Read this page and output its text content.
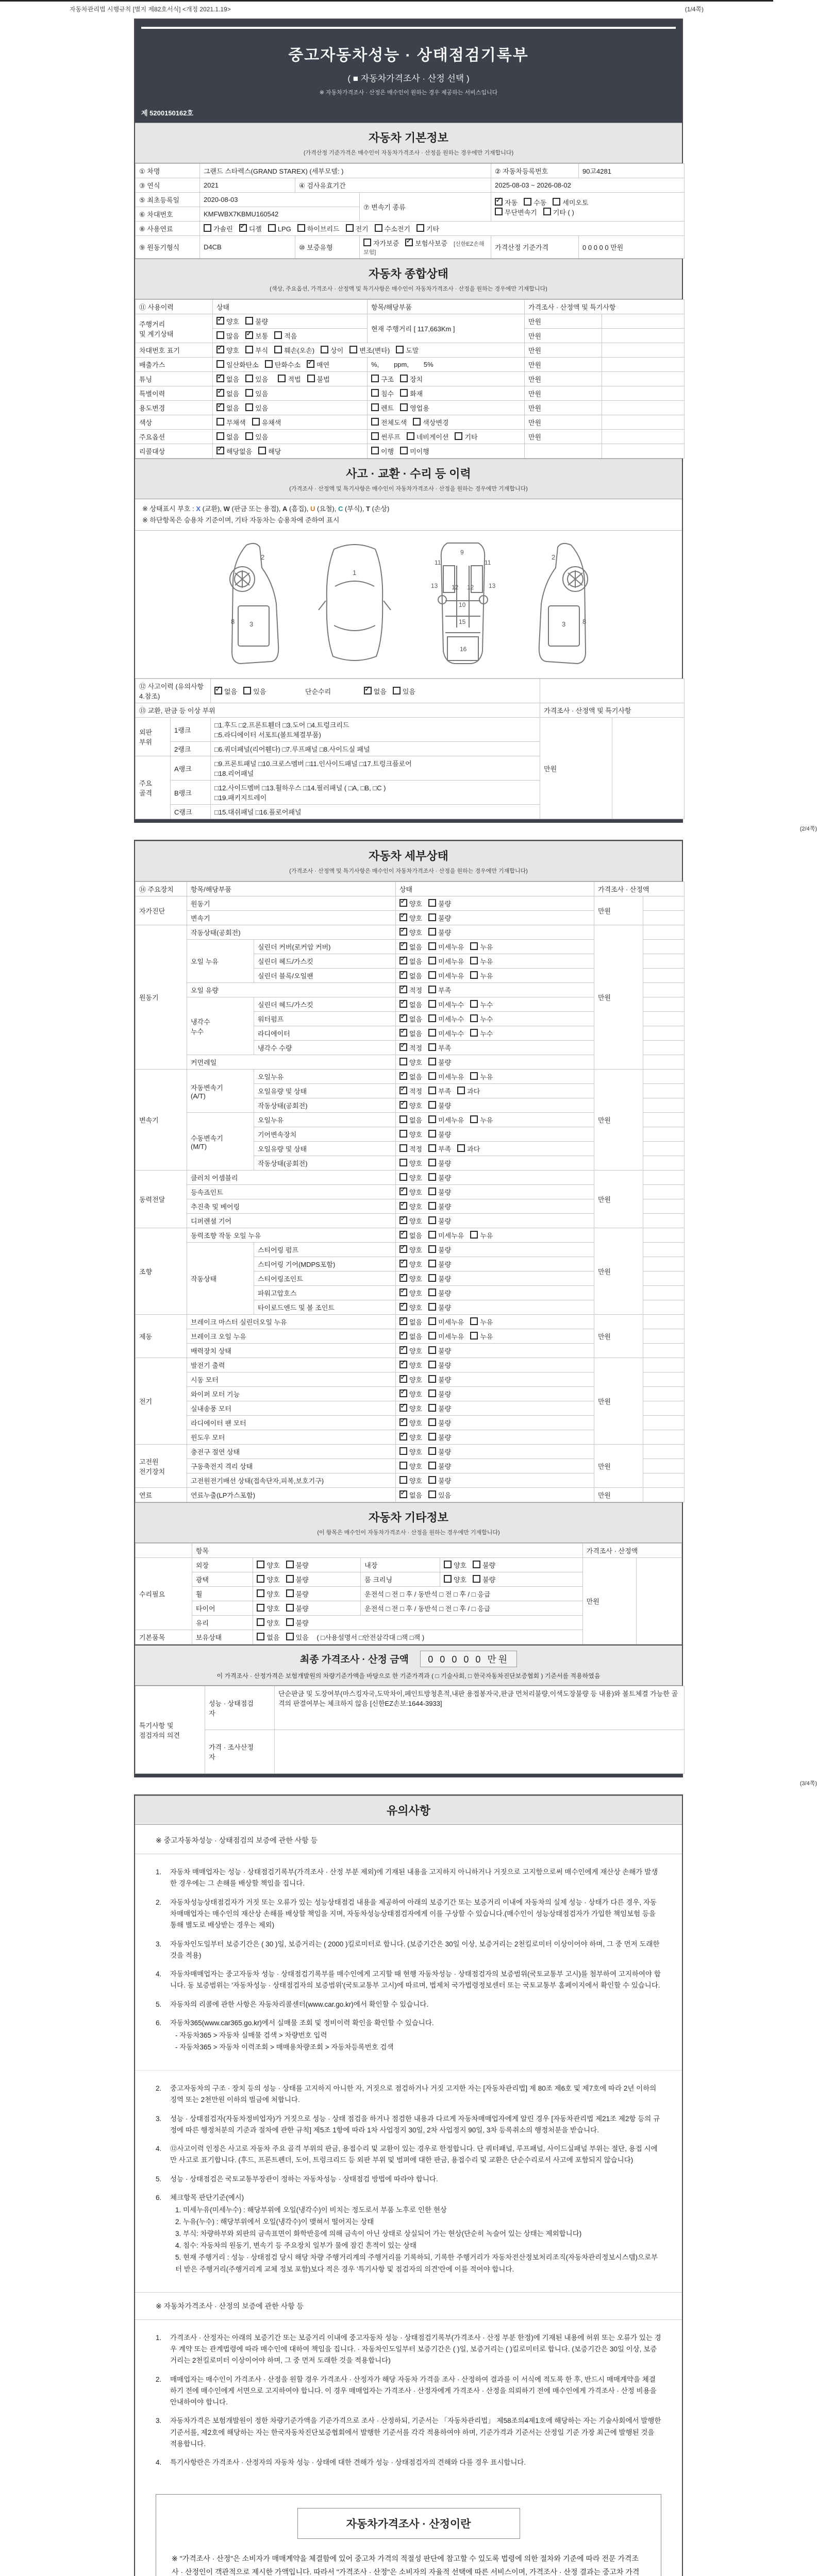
자동차관리법 시행규칙 [별지 제82호서식] <개정 2021.1.19>	(1/4쪽)
중고자동차성능 · 상태점검기록부
( ■ 자동차가격조사 · 산정 선택 )
※ 자동차가격조사 · 산정은 매수인이 원하는 경우 제공하는 서비스입니다
제 5200150162호
자동차 기본정보
(가격산정 기준가격은 매수인이 자동차가격조사 · 산정을 원하는 경우에만 기재합니다)
① 차명	그랜드 스타렉스(GRAND STAREX) (세부모델: )			② 자동차등록번호	90고4281
③ 연식	2021	④ 검사유효기간		2025-08-03 ~ 2026-08-02	
⑤ 최초등록일	2020-08-03		⑦ 변속기 종류	✓자동 수동 세미오토
무단변속기 기타 ( )
⑥ 차대번호	KMFWBX7KBMU160542				
⑧ 사용연료	가솔린 ✓ 디젤 LPG 하이브리드 전기 수소전기 기타
⑨ 원동기형식	D4CB	⑩ 보증유형	자가보증 ✓ 보험사보증 [신한EZ손해보험]	가격산정 기준가격	0 0 0 0 0 만원
자동차 종합상태
(색상, 주요옵션, 가격조사 · 산정액 및 특기사항은 매수인이 자동차가격조사 · 산정을 원하는 경우에만 기재합니다)
⑪ 사용이력	상태	항목/해당부품	가격조사 · 산정액 및 특기사항	
주행거리
및 계기상태	✓양호 불량	현재 주행거리 [ 117,663Km ]	만원	
	많음 ✓ 보통 적음		만원	
차대번호 표기	✓양호 부식 훼손(오손) 상이 변조(변타) 도말		만원	
배출가스	일산화탄소 탄화수소 ✓ 매연	%,        ppm,        5%	만원	
튜닝	✓없음 있음 적법 불법	구조 장치	만원	
특별이력	✓없음 있음	침수 화재	만원	
용도변경	✓없음 있음	렌트 영업용	만원	
색상	무채색 유채색	전체도색 색상변경	만원	
주요옵션	없음 있음	썬루프 네비게이션 기타	만원	
리콜대상	✓해당없음 해당	이행 미이행		
사고 · 교환 · 수리 등 이력
(가격조사 · 산정액 및 특기사항은 매수인이 자동차가격조사 · 산정을 원하는 경우에만 기재합니다)
※ 상태표시 부호 : X (교환), W (판금 또는 용접), A (흠집), U (요철), C (부식), T (손상)
※ 하단항목은 승용차 기준이며, 기타 자동차는 승용차에 준하여 표시
2
8 3
1
11	11
13	13
12 12
9
10
15
16
2
8
3
⑫ 사고이력 (유의사항 4.참조)	✓없음 있음 단순수리 ✓ 없음 있음	
⑬ 교환, 판금 등 이상 부위			가격조사 · 산정액 및 특기사항	
외판
부위	1랭크	□1.후드 □2.프론트휀더 □3.도어 □4.트렁크리드
□5.라디에이터 서포트(볼트체결부품)	만원	
	2랭크	□6.쿼더패널(리어휀다) □7.루프패널 □8.사이드실 패널		
주요
골격	A랭크	□9.프론트패널 □10.크로스멤버 □11.인사이드패널 □17.트렁크플로어
□18.리어패널		
	B랭크	□12.사이드멤버 □13.휠하우스 □14.필러패널 ( □A, □B, □C )
□19.패키지트레이		
	C랭크	□15.대쉬패널 □16.플로어패널		
(2/4쪽)
자동차 세부상태
(가격조사 · 산정액 및 특기사항은 매수인이 자동차가격조사 · 산정을 원하는 경우에만 기재합니다)
⑭ 주요장치	항목/해당부품		상태	가격조사 · 산정액	
자가진단	원동기	✓양호 불량	만원	
	변속기	✓양호 불량	
원동기	작동상태(공회전)	✓양호 불량	만원	
	오일 누유	실린더 커버(로커암 커버)	✓없음 미세누유 누유	
		실린더 헤드/가스킷	✓없음 미세누유 누유	
		실린더 블록/오일팬	✓없음 미세누유 누유	
	오일 유량	✓적정 부족	
	냉각수
누수	실린더 헤드/가스킷	✓없음 미세누수 누수	
		워터펌프	✓없음 미세누수 누수	
		라디에이터	✓없음 미세누수 누수	
		냉각수 수량	✓적정 부족	
	커먼레일		양호 불량		
변속기	자동변속기
(A/T)	오일누유	✓없음 미세누유 누유	만원	
		오일유량 및 상태	✓적정 부족 과다	
		작동상태(공회전)	✓양호 불량	
	수동변속기
(M/T)	오일누유	없음 미세누유 누유		
		기어변속장치	양호 불량		
		오일유량 및 상태	적정 부족 과다		
		작동상태(공회전)	양호 불량		
동력전달	클러치 어셈블리		양호 불량	만원	
	등속죠인트	✓양호 불량	
	추진축 및 베어링	✓양호 불량	
	디퍼렌셜 기어	✓양호 불량	
조향	동력조향 작동 오일 누유	✓없음 미세누유 누유	만원	
	작동상태	스티어링 펌프	✓양호 불량	
		스티어링 기어(MDPS포함)	✓양호 불량	
		스티어링조인트	✓양호 불량	
		파워고압호스	✓양호 불량	
		타이로드엔드 및 볼 조인트	✓양호 불량	
제동	브레이크 마스터 실린더오일 누유	✓없음 미세누유 누유	만원	
	브레이크 오일 누유	✓없음 미세누유 누유	
	배력장치 상태	✓양호 불량	
전기	발전기 출력	✓양호 불량	만원	
	시동 모터	✓양호 불량	
	와이퍼 모터 기능	✓양호 불량	
	실내송풍 모터	✓양호 불량	
	라디에이터 팬 모터	✓양호 불량	
	윈도우 모터	✓양호 불량	
고전원
전기장치	충전구 절연 상태		양호 불량	만원	
	구동축전지 격리 상태		양호 불량		
	고전원전기배선 상태(접속단자,피복,보호기구)		양호 불량		
연료	연료누출(LP가스포함)	✓없음 있음	만원	
자동차 기타정보
(이 항목은 매수인이 자동차가격조사 · 산정을 원하는 경우에만 기재합니다)
	항목				가격조사 · 산정액	
수리필요	외장	양호 불량	내장	양호 불량	만원	
	광택	양호 불량	룸 크리닝	양호 불량		
	휠	양호 불량	운전석 □ 전 □ 후 / 동반석 □ 전 □ 후 / □ 응급			
	타이어	양호 불량	운전석 □ 전 □ 후 / 동반석 □ 전 □ 후 / □ 응급			
	유리	양호 불량				
기본품목	보유상태	없음 있음 ( □사용설명서 □안전삼각대 □잭 □잭 )				
최종 가격조사 · 산정 금액 0 0 0 0 0 만원
이 가격조사 · 산정가격은 보험개발원의 차량기준가액을 바탕으로 한 기준가격과 ( □ 기술사회, □ 한국자동차진단보증협회 ) 기준서를 적용하였음
특기사항 및
점검자의 의견	성능 · 상태점검
자	단순판금 및 도장여부(마스킹자국,도막차이,페인트방청흔적,내판 용접봉자국,판금 먼처리불량,이색도장불량 등 내용)와 볼트체결 가능한 골격의 판결여부는 체크하지 않음 [신한EZ손보:1644-3933]
	가격 · 조사산정
자	
(3/4쪽)
유의사항
※ 중고자동차성능 · 상태점검의 보증에 관한 사항 등
1.	자동차 매매업자는 성능 · 상태점검기록부(가격조사 · 산정 부분 제외)에 기재된 내용을 고지하지 아니하거나 거짓으로 고지함으로써 매수인에게 재산상 손해가 발생한 경우에는 그 손해를 배상할 책임을 집니다.
2.	자동차성능상태점검자가 거짓 또는 오류가 있는 성능상태점검 내용을 제공하여 아래의 보증기간 또는 보증거리 이내에 자동차의 실제 성능 · 상태가 다른 경우, 자동차매매업자는 매수인의 재산상 손해를 배상할 책임을 지며, 자동차성능상태점검자에게 이를 구상할 수 있습니다.(매수인이 성능상태점검자가 가입한 책임보험 등을 통해 별도로 배상받는 경우는 제외)
3.	자동차인도일부터 보증기간은 ( 30 )일, 보증거리는 ( 2000 )킬로미터로 합니다. (보증기간은 30일 이상, 보증거리는 2천킬로미터 이상이어야 하며, 그 중 먼저 도래한 것을 적용)
4.	자동차매매업자는 중고자동차 성능 · 상태점검기록부를 매수인에게 고지할 때 현행 자동차성능 · 상태점검자의 보증범위(국토교통부 고시)를 첨부하여 고지하여야 합니다. 동 보증범위는 '자동차성능 · 상태점검자의 보증범위'(국토교통부 고시)에 따르며, 법제처 국가법령정보센터 또는 국토교통부 홈페이지에서 확인할 수 있습니다.
5.	자동차의 리콜에 관한 사항은 자동차리콜센터(www.car.go.kr)에서 확인할 수 있습니다.
6.	자동차365(www.car365.go.kr)에서 실매물 조회 및 정비이력 확인을 확인할 수 있습니다.
- 자동차365 > 자동차 실매물 검색 > 차량번호 입력
- 자동차365 > 자동차 이력조회 > 매매용차량조회 > 자동차등록번호 검색
2.	중고자동차의 구조 · 장치 등의 성능 · 상태를 고지하지 아니한 자, 거짓으로 점검하거나 거짓 고지한 자는 [자동차관리법] 제 80조 제6호 및 제7호에 따라 2년 이하의 징역 또는 2천만원 이하의 벌금에 처합니다.
3.	성능 · 상태점검자(자동차정비업자)가 거짓으로 성능 · 상태 점검을 하거나 점검한 내용과 다르게 자동차매매업자에게 알린 경우 [자동차관리법 제21조 제2항 등의 규정에 따른 행정처분의 기준과 절차에 관한 규칙] 제5조 1항에 따라 1차 사업정지 30일, 2차 사업정지 90일, 3차 등록취소의 행정처분을 받습니다.
4.	⑫사고이력 인정은 사고로 자동차 주요 골격 부위의 판금, 용접수리 및 교환이 있는 경우로 한정합니다. 단 쿼터패널, 루프패널, 사이드실패널 부위는 절단, 용접 시에만 사고로 표기합니다. (후드, 프론트펜더, 도어, 트렁크리드 등 외판 부위 및 범퍼에 대한 판금, 용접수리 및 교환은 단순수리로서 사고에 포함되지 않습니다)
5.	성능 · 상태점검은 국토교통부장관이 정하는 자동차성능 · 상태점검 방법에 따라야 합니다.
6.	체크항목 판단기준(예시)
1. 미세누유(미세누수) : 해당부위에 오일(냉각수)이 비치는 정도로서 부품 노후로 인한 현상
2. 누유(누수) : 해당부위에서 오일(냉각수)이 맺혀서 떨어지는 상태
3. 부식: 차량하부와 외판의 금속표면이 화학반응에 의해 금속이 아닌 상태로 상실되어 가는 현상(단순히 녹슬어 있는 상태는 제외합니다)
4. 침수: 자동차의 원동기, 변속기 등 주요장치 일부가 물에 잠긴 흔적이 있는 상태
5. 현재 주행거리 : 성능 · 상태점검 당시 해당 차량 주행거리계의 주행거리를 기록하되, 기록한 주행거리가 자동차전산정보처리조직(자동차관리정보시스템)으로부터 받은 주행거리(주행거리계 교체 정보 포함)보다 적은 경우 '특기사항 및 점검자의 의견'란에 이를 적어야 합니다.
※ 자동차가격조사 · 산정의 보증에 관한 사항 등
1.	가격조사 · 산정자는 아래의 보증기간 또는 보증거리 이내에 중고자동차 성능 · 상태점검기록부(가격조사 · 산정 부분 한정)에 기재된 내용에 허위 또는 오류가 있는 경우 계약 또는 관계법령에 따라 매수인에 대하여 책임을 집니다. · 자동차인도일부터 보증기간은 ( )일, 보증거리는 ( )킬로미터로 합니다. (보증기간은 30일 이상, 보증거리는 2천킬로미터 이상이어야 하며, 그 중 먼저 도래한 것을 적용합니다)
2.	매매업자는 매수인이 가격조사 · 산정을 원할 경우 가격조사 · 산정자가 해당 자동차 가격을 조사 · 산정하여 결과를 이 서식에 적도록 한 후, 반드시 매매계약을 체결하기 전에 매수인에게 서면으로 고지하여야 합니다. 이 경우 매매업자는 가격조사 · 산정자에게 가격조사 · 산정을 의뢰하기 전에 매수인에게 가격조사 · 산정 비용을 안내하여야 합니다.
3.	자동차가격은 보험개발원이 정한 차량기준가액을 기준가격으로 조사 · 산정하되, 기준서는 「자동차관리법」 제58조의4제1호에 해당하는 자는 기술사회에서 발행한 기준서를, 제2호에 해당하는 자는 한국자동차진단보증협회에서 발행한 기준서를 각각 적용하여야 하며, 기준가격과 기준서는 산정일 기준 가장 최근에 발행된 것을 적용합니다.
4.	특기사항란은 가격조사 · 산정자의 자동차 성능 · 상태에 대한 견해가 성능 · 상태점검자의 견해와 다를 경우 표시합니다.
자동차가격조사 · 산정이란
※ "가격조사 · 산정"은 소비자가 매매계약을 체결함에 있어 중고차 가격의 적절성 판단에 참고할 수 있도록 법령에 의한 절차와 기준에 따라 전문 가격조사 · 산정인이 객관적으로 제시한 가액입니다. 따라서 "가격조사 · 산정"은 소비자의 자율적 선택에 따른 서비스이며, 가격조사 · 산정 결과는 중고차 가격
